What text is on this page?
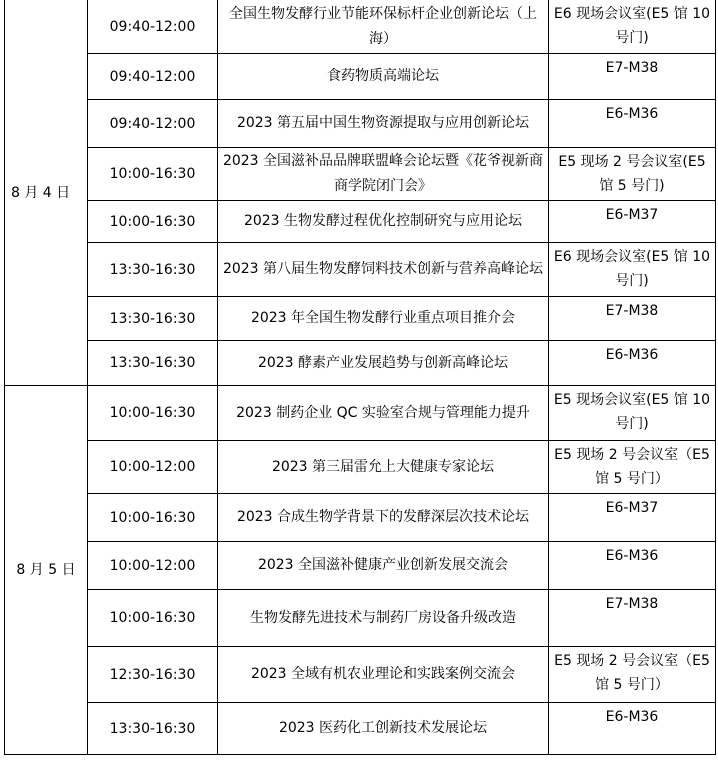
8 月 4 日	09:40-12:00	全国生物发酵行业节能环保标杆企业创新论坛（上海）	E6 现场会议室(E5 馆 10 号门)
	09:40-12:00	食药物质高端论坛	E7-M38
	09:40-12:00	2023 第五届中国生物资源提取与应用创新论坛	E6-M36
	10:00-16:30	2023 全国滋补品品牌联盟峰会论坛暨《花爷视新商商学院闭门会》	E5 现场 2 号会议室(E5 馆 5 号门)
	10:00-16:30	2023 生物发酵过程优化控制研究与应用论坛	E6-M37
	13:30-16:30	2023 第八届生物发酵饲料技术创新与营养高峰论坛	E6 现场会议室(E5 馆 10 号门)
	13:30-16:30	2023 年全国生物发酵行业重点项目推介会	E7-M38
	13:30-16:30	2023 酵素产业发展趋势与创新高峰论坛	E6-M36
8 月 5 日	10:00-16:30	2023 制药企业 QC 实验室合规与管理能力提升	E5 现场会议室(E5 馆 10 号门)
	10:00-12:00	2023 第三届雷允上大健康专家论坛	E5 现场 2 号会议室（E5 馆 5 号门）
	10:00-16:30	2023 合成生物学背景下的发酵深层次技术论坛	E6-M37
	10:00-12:00	2023 全国滋补健康产业创新发展交流会	E6-M36
	10:00-16:30	生物发酵先进技术与制药厂房设备升级改造	E7-M38
	12:30-16:30	2023 全域有机农业理论和实践案例交流会	E5 现场 2 号会议室（E5 馆 5 号门）
	13:30-16:30	2023 医药化工创新技术发展论坛	E6-M36
